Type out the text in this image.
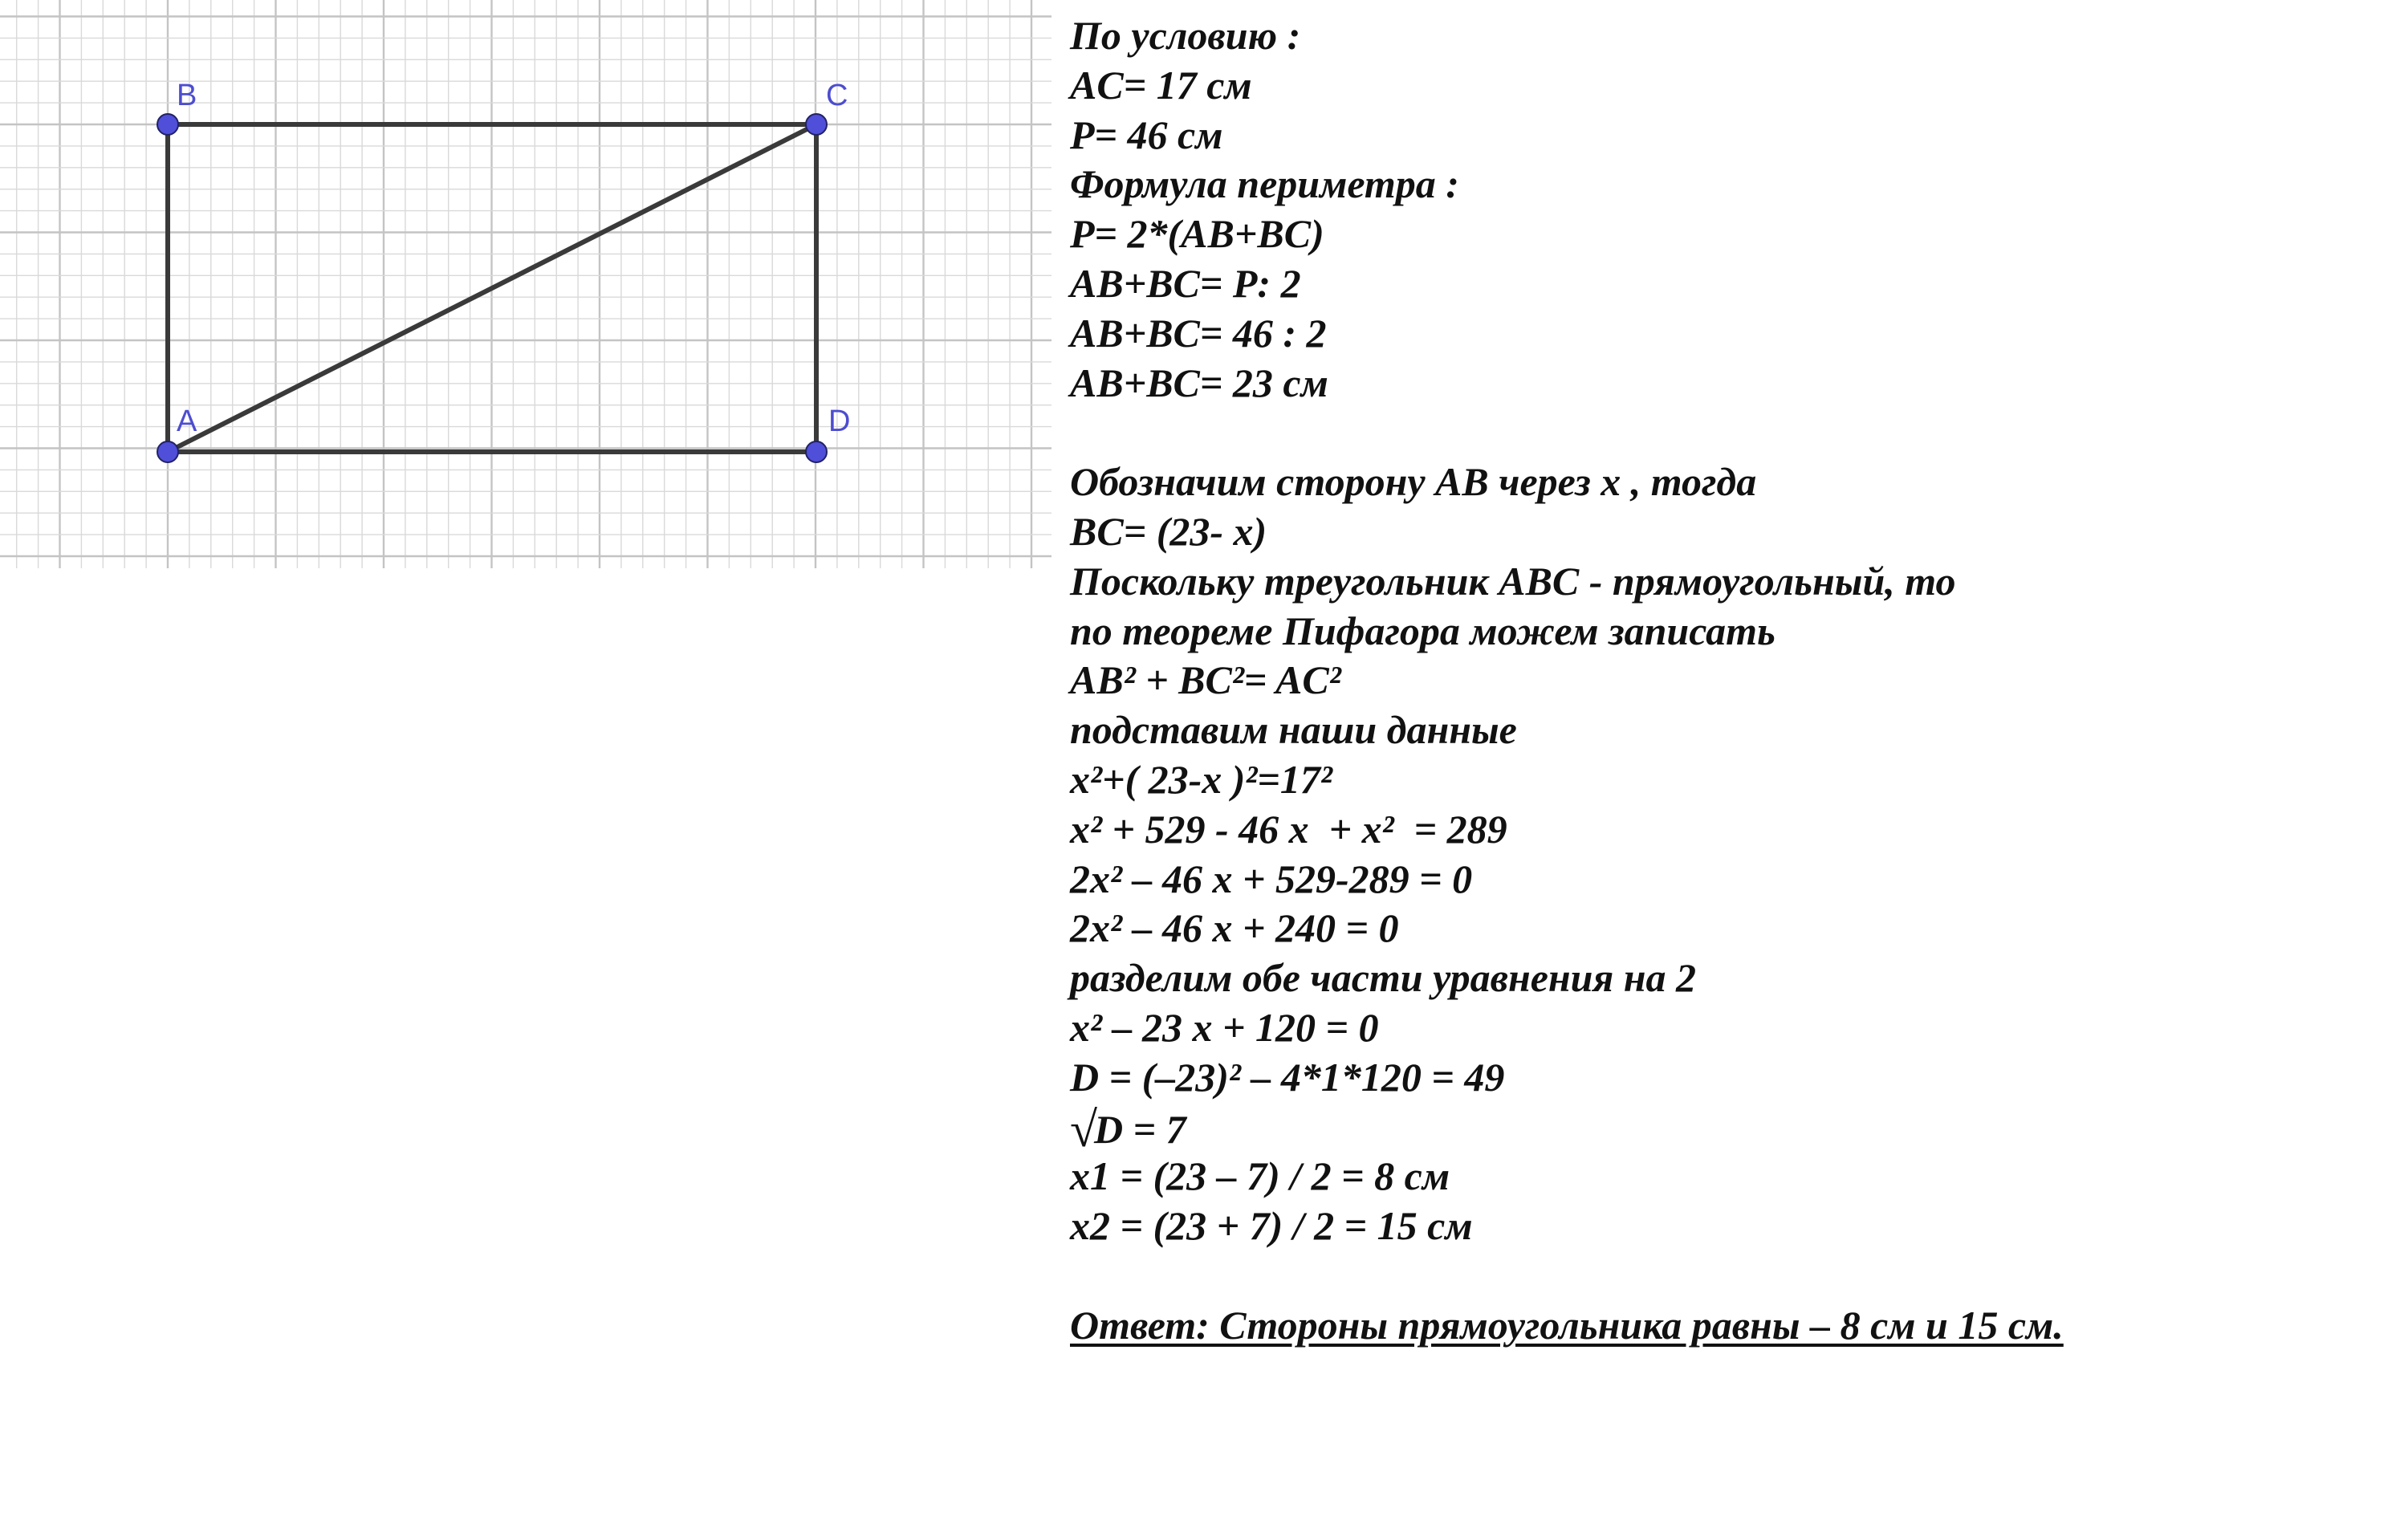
B	C
A	D
По условию :
AC= 17 см
P= 46 см
Формула периметра :
P= 2*(AB+BC)
AB+BC= P: 2
AB+BC= 46 : 2
AB+BC= 23 см
Обозначим сторону AB через x , тогда
BC= (23- x)
Поскольку треугольник ABC - прямоугольный, то
по теореме Пифагора можем записать
AB² + BC²= AC²
подставим наши данные
x²+( 23-x )²=17²
x² + 529 - 46 x  + x²  = 289
2x² – 46 x + 529-289 = 0
2x² – 46 x + 240 = 0
разделим обе части уравнения на 2
x² – 23 x + 120 = 0
D = (–23)² – 4*1*120 = 49
√D = 7
x1 = (23 – 7) / 2 = 8 см
x2 = (23 + 7) / 2 = 15 см
Ответ: Стороны прямоугольника равны – 8 см и 15 см.
